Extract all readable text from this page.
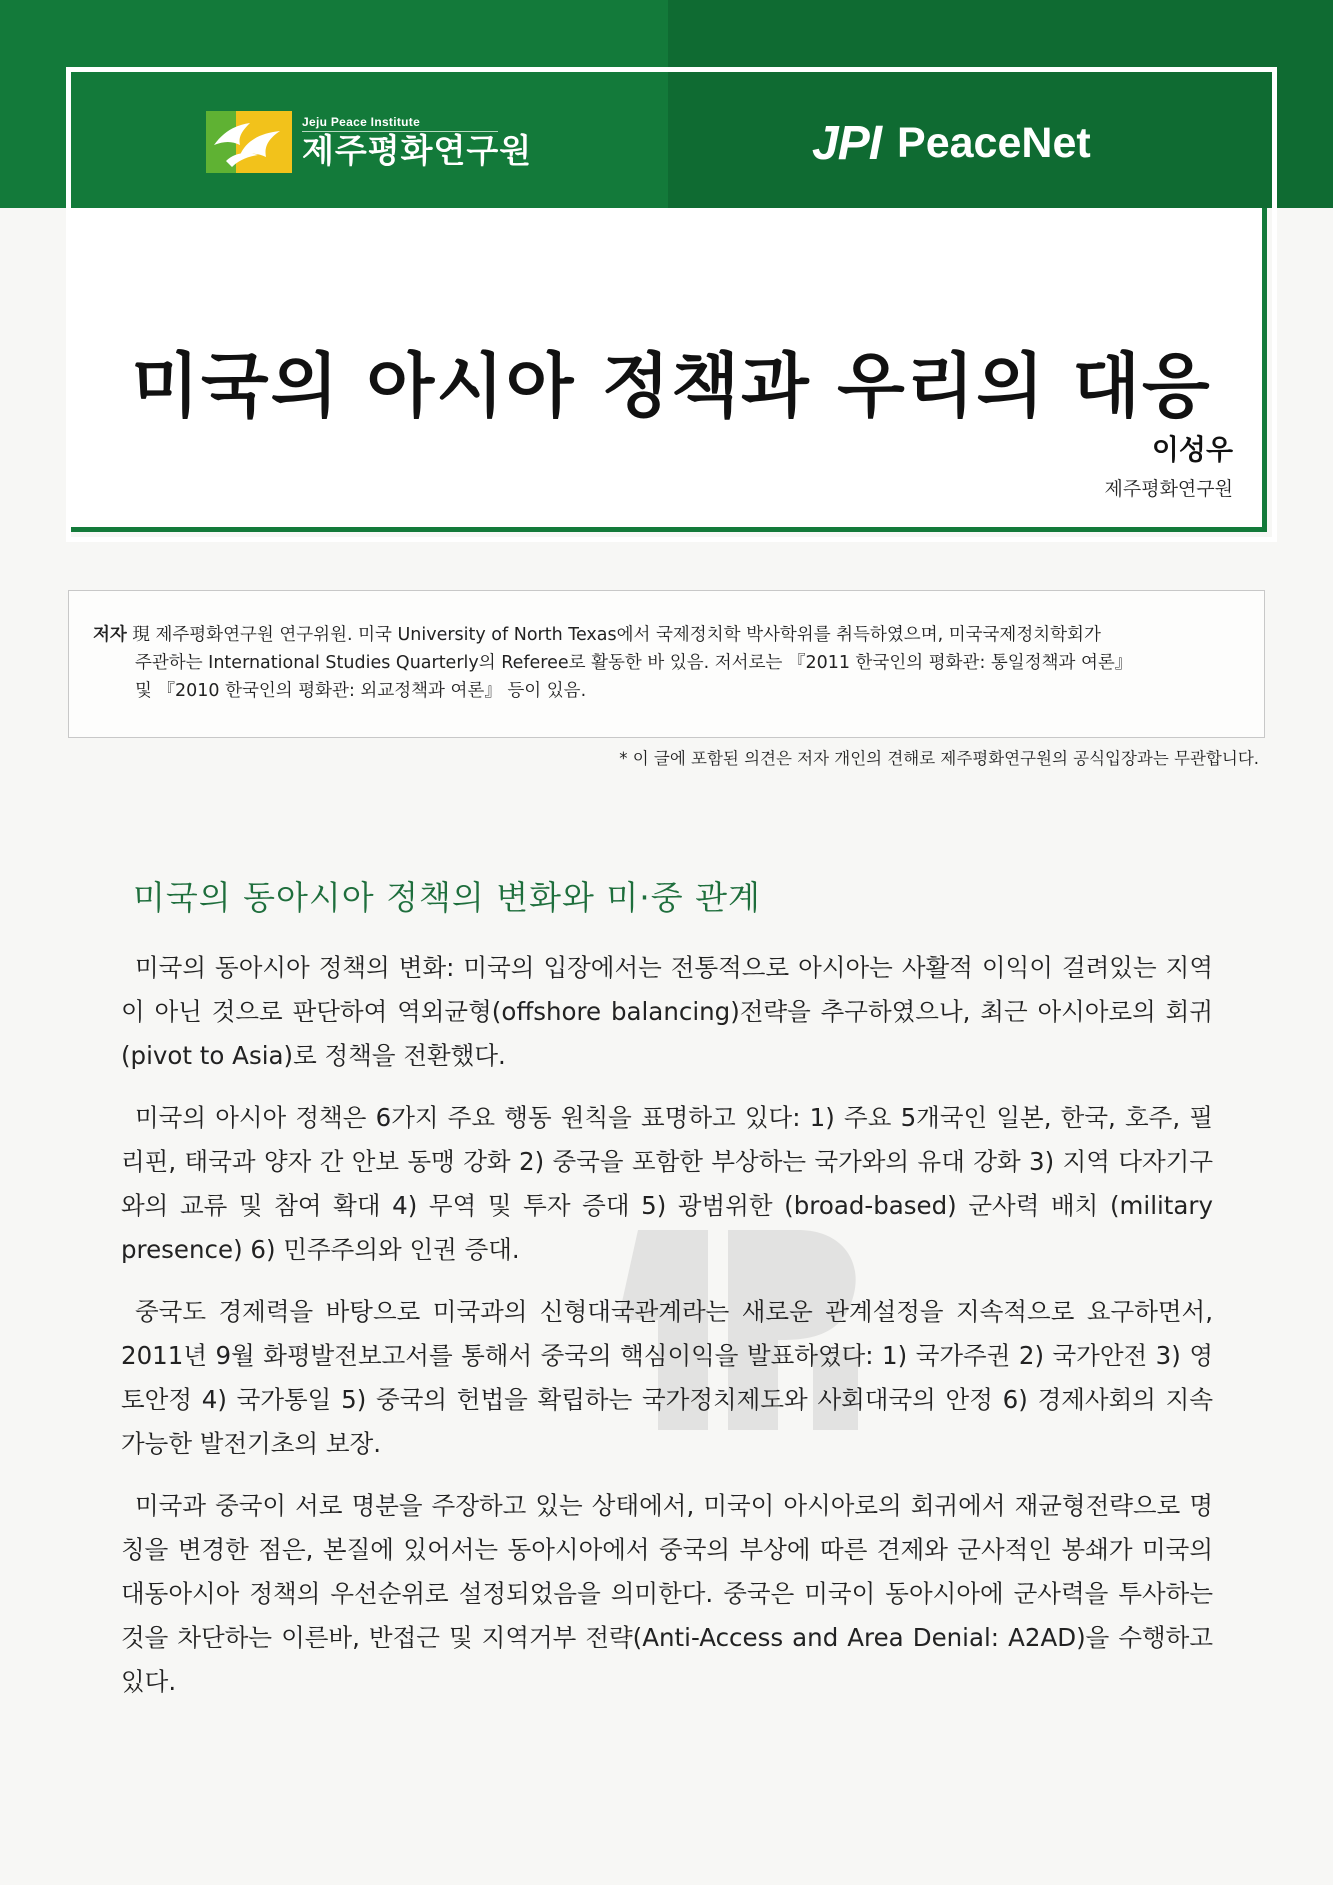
Jeju Peace Institute
제주평화연구원	JPI PeaceNet
미국의 아시아 정책과 우리의 대응
이성우
제주평화연구원
저자 現 제주평화연구원 연구위원. 미국 University of North Texas에서 국제정치학 박사학위를 취득하였으며, 미국국제정치학회가
주관하는 International Studies Quarterly의 Referee로 활동한 바 있음. 저서로는 『2011 한국인의 평화관: 통일정책과 여론』
및 『2010 한국인의 평화관: 외교정책과 여론』 등이 있음.
* 이 글에 포함된 의견은 저자 개인의 견해로 제주평화연구원의 공식입장과는 무관합니다.
미국의 동아시아 정책의 변화와 미·중 관계

미국의 동아시아 정책의 변화: 미국의 입장에서는 전통적으로 아시아는 사활적 이익이 걸려있는 지역이 아닌 것으로 판단하여 역외균형(offshore balancing)전략을 추구하였으나, 최근 아시아로의 회귀(pivot to Asia)로 정책을 전환했다.

미국의 아시아 정책은 6가지 주요 행동 원칙을 표명하고 있다: 1) 주요 5개국인 일본, 한국, 호주, 필리핀, 태국과 양자 간 안보 동맹 강화 2) 중국을 포함한 부상하는 국가와의 유대 강화 3) 지역 다자기구와의 교류 및 참여 확대 4) 무역 및 투자 증대 5) 광범위한 (broad-based) 군사력 배치 (military presence) 6) 민주주의와 인권 증대.

중국도 경제력을 바탕으로 미국과의 신형대국관계라는 새로운 관계설정을 지속적으로 요구하면서, 2011년 9월 화평발전보고서를 통해서 중국의 핵심이익을 발표하였다: 1) 국가주권 2) 국가안전 3) 영토안정 4) 국가통일 5) 중국의 헌법을 확립하는 국가정치제도와 사회대국의 안정 6) 경제사회의 지속 가능한 발전기초의 보장.

미국과 중국이 서로 명분을 주장하고 있는 상태에서, 미국이 아시아로의 회귀에서 재균형전략으로 명칭을 변경한 점은, 본질에 있어서는 동아시아에서 중국의 부상에 따른 견제와 군사적인 봉쇄가 미국의 대동아시아 정책의 우선순위로 설정되었음을 의미한다. 중국은 미국이 동아시아에 군사력을 투사하는 것을 차단하는 이른바, 반접근 및 지역거부 전략(Anti-Access and Area Denial: A2AD)을 수행하고 있다.
